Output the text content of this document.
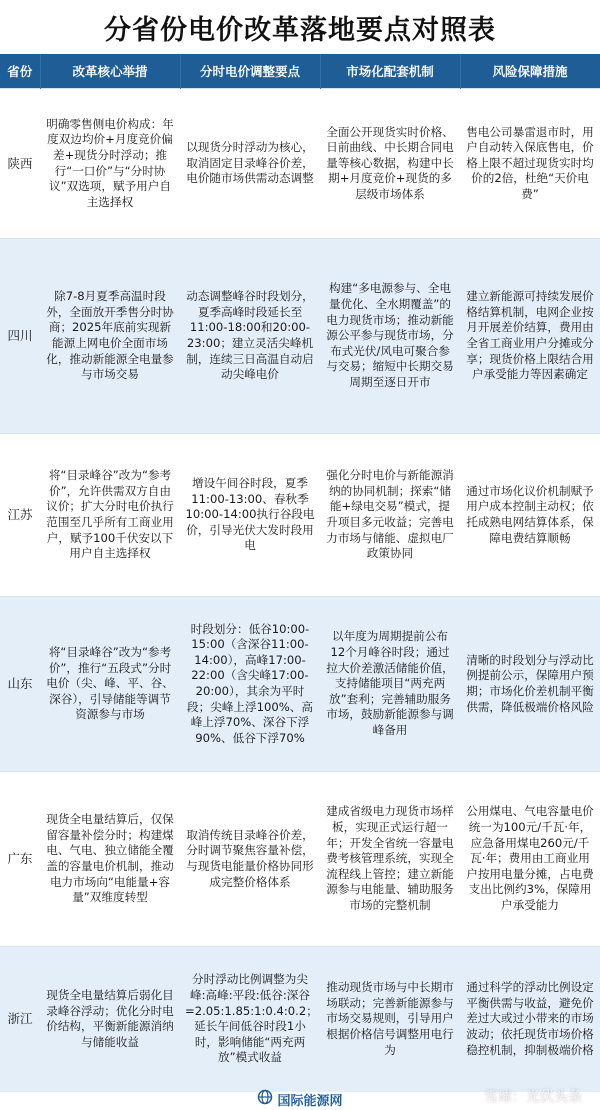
分省份电价改革落地要点对照表
省份	改革核心举措	分时电价调整要点	市场化配套机制	风险保障措施
陕西	明确零售侧电价构成：年度双边均价+月度竞价偏差+现货分时浮动；推行“一口价”与“分时协议”双选项，赋予用户自主选择权	以现货分时浮动为核心，取消固定目录峰谷价差，电价随市场供需动态调整	全面公开现货实时价格、日前曲线、中长期合同电量等核心数据，构建中长期+月度竞价+现货的多层级市场体系	售电公司暴雷退市时，用户自动转入保底售电，价格上限不超过现货实时均价的2倍，杜绝“天价电费”
四川	除7-8月夏季高温时段外，全面放开季售分时协商；2025年底前实现新能源上网电价全面市场化，推动新能源全电量参与市场交易	动态调整峰谷时段划分，夏季高峰时段延长至11:00-18:00和20:00-23:00；建立灵活尖峰机制，连续三日高温自动启动尖峰电价	构建“多电源参与、全电量优化、全水期覆盖”的电力现货市场；推动新能源公平参与现货市场，分布式光伏/风电可聚合参与交易；缩短中长期交易周期至逐日开市	建立新能源可持续发展价格结算机制，电网企业按月开展差价结算，费用由全省工商业用户分摊或分享；现货价格上限结合用户承受能力等因素确定
江苏	将“目录峰谷”改为“参考价”，允许供需双方自由议价；扩大分时电价执行范围至几乎所有工商业用户，赋予100千伏安以下用户自主选择权	增设午间谷时段，夏季11:00-13:00、春秋季10:00-14:00执行谷段电价，引导光伏大发时段用电	强化分时电价与新能源消纳的协同机制；探索“储能+绿电交易”模式，提升项目多元收益；完善电力市场与储能、虚拟电厂政策协同	通过市场化议价机制赋予用户成本控制主动权；依托成熟电网结算体系，保障电费结算顺畅
山东	将“目录峰谷”改为“参考价”，推行“五段式”分时电价（尖、峰、平、谷、深谷），引导储能等调节资源参与市场	时段划分：低谷10:00-15:00（含深谷11:00-14:00），高峰17:00-22:00（含尖峰17:00-20:00），其余为平时段；尖峰上浮100%、高峰上浮70%、深谷下浮90%、低谷下浮70%	以年度为周期提前公布12个月峰谷时段；通过拉大价差激活储能价值，支持储能项目“两充两放”套利；完善辅助服务市场，鼓励新能源参与调峰备用	清晰的时段划分与浮动比例提前公示，保障用户预期；市场化价差机制平衡供需，降低极端价格风险
广东	现货全电量结算后，仅保留容量补偿分时；构建煤电、气电、独立储能全覆盖的容量电价机制，推动电力市场向“电能量+容量”双维度转型	取消传统目录峰谷价差，分时调节聚焦容量补偿，与现货电能量价格协同形成完整价格体系	建成省级电力现货市场样板，实现正式运行超一年；开发全省统一容量电费考核管理系统，实现全流程线上管控；建立新能源参与电能量、辅助服务市场的完整机制	公用煤电、气电容量电价统一为100元/千瓦·年，应急备用煤电260元/千瓦·年；费用由工商业用户按用电量分摊，占电费支出比例约3%，保障用户承受能力
浙江	现货全电量结算后弱化目录峰谷浮动；优化分时电价结构，平衡新能源消纳与储能收益	分时浮动比例调整为尖峰:高峰:平段:低谷:深谷=2.05:1.85:1:0.4:0.2；延长午间低谷时段1小时，影响储能“两充两放”模式收益	推动现货市场与中长期市场联动；完善新能源参与市场交易规则，引导用户根据价格信号调整用电行为	通过科学的浮动比例设定平衡供需与收益，避免价差过大或过小带来的市场波动；依托现货市场价格稳控机制，抑制极端价格
国际能源网	雪球：光伏头条
